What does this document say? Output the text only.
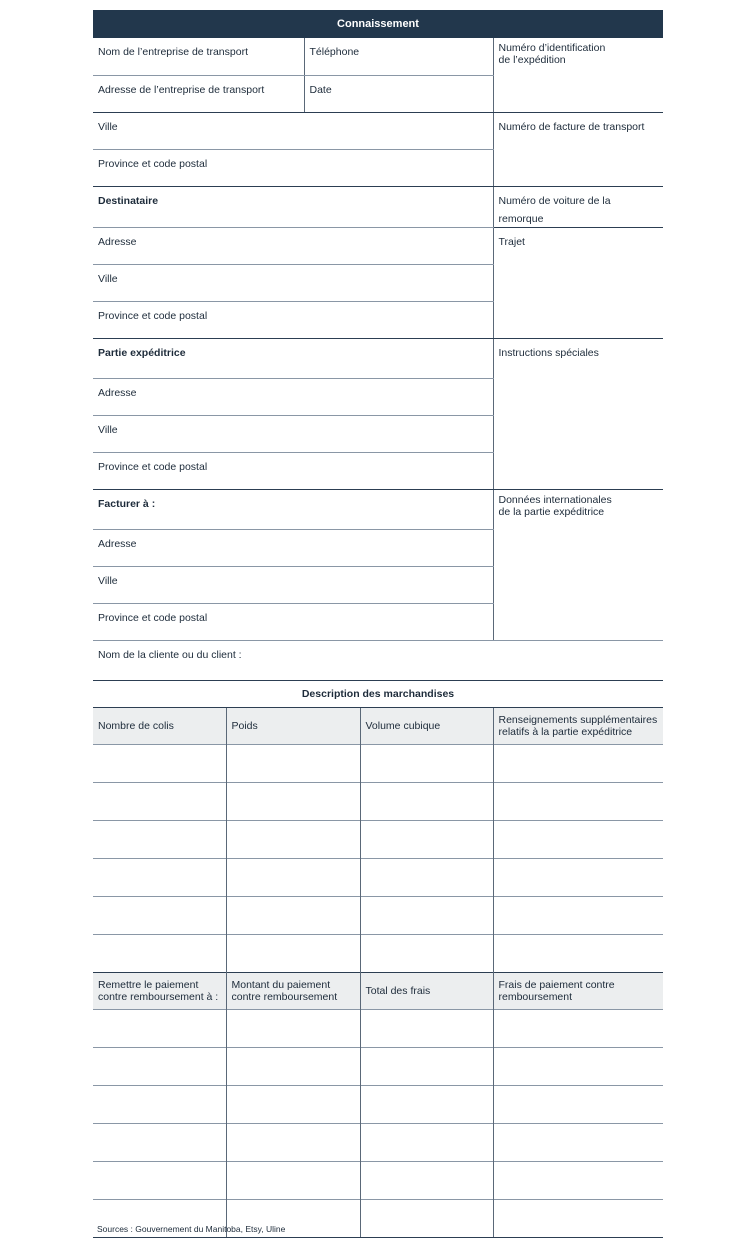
Connaissement
Nom de l’entreprise de transport	Téléphone	Numéro d’identification de l’expédition

Adresse de l’entreprise de transport	Date	
Ville		Numéro de facture de transport
Province et code postal		
Destinataire		Numéro de voiture de la remorque
Adresse		Trajet
Ville		
Province et code postal		
Partie expéditrice		Instructions spéciales
Adresse		
Ville		
Province et code postal		
Facturer à :		Données internationales de la partie expéditrice

Adresse		
Ville		
Province et code postal		
Nom de la cliente ou du client :		
Description des marchandises
Nombre de colis	Poids	Volume cubique	Renseignements supplémentaires relatifs à la partie expéditrice

Remettre le paiement contre remboursement à :	Montant du paiement contre remboursement	Total des frais	Frais de paiement contre remboursement

Sources : Gouvernement du Manitoba, Etsy, Uline
